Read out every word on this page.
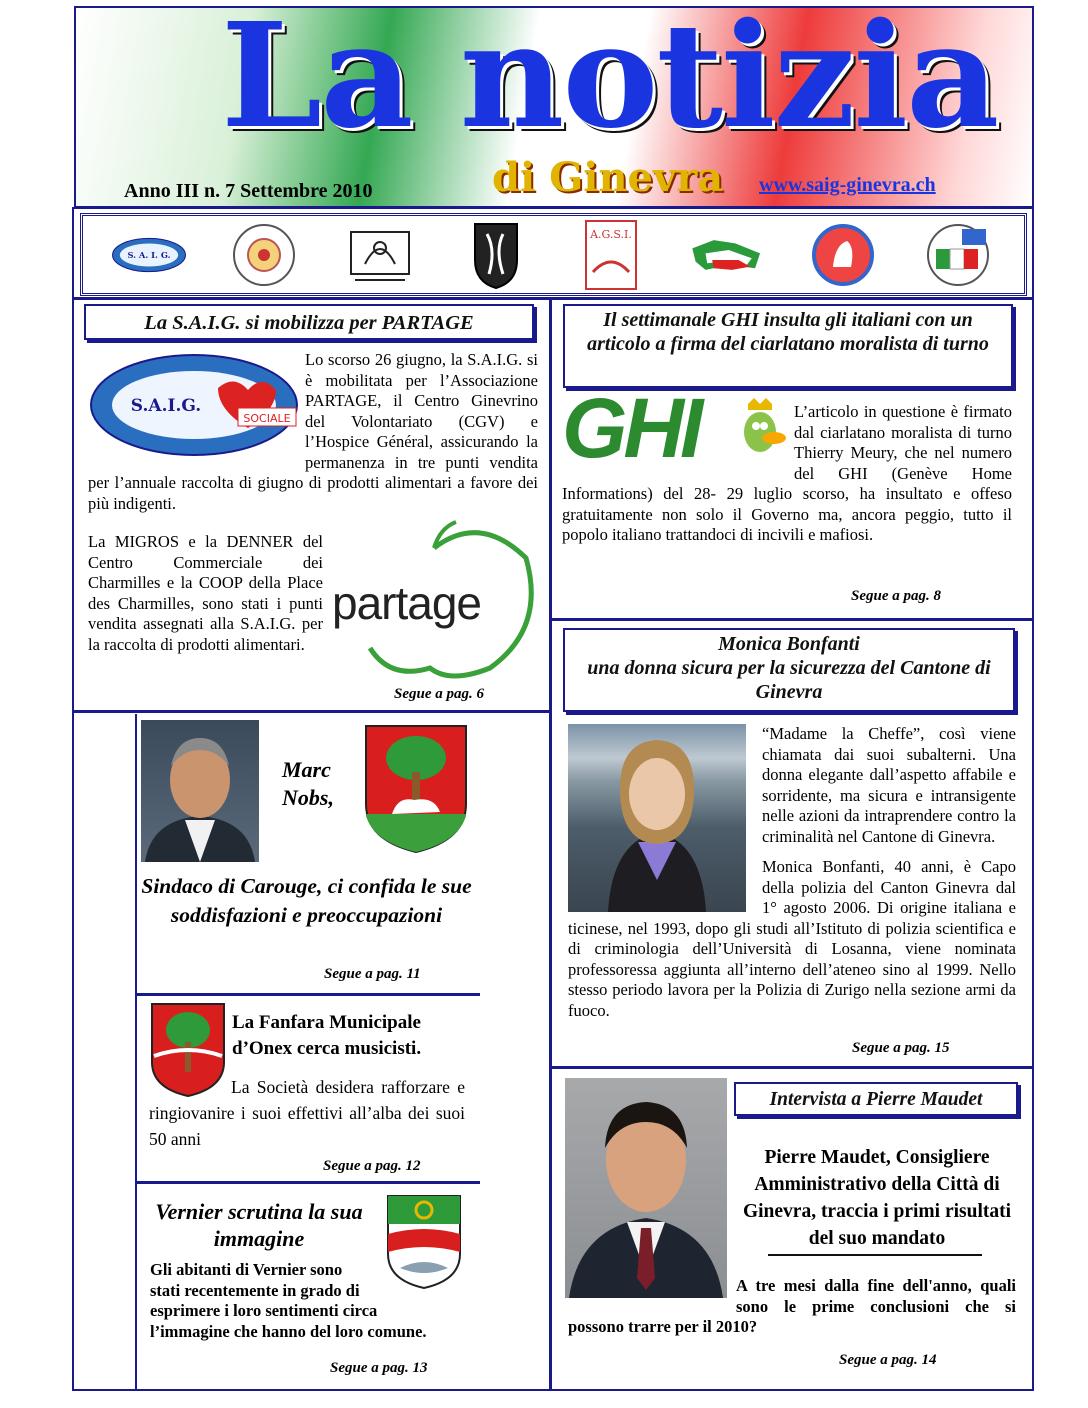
La notizia
di Ginevra
Anno III n. 7 Settembre 2010	www.saig-ginevra.ch
S. A. I. G.
A.G.S.I.
La S.A.I.G. si mobilizza per PARTAGE
S.A.I.G.
SOCIALE
Lo scorso 26 giugno, la S.A.I.G. si è mobilitata per l’Associazione PARTAGE, il Centro Ginevrino del Volontariato (CGV) e l’Hospice Général, assicurando la permanenza in tre punti vendita per l’annuale raccolta di giugno di prodotti alimentari a favore dei più indigenti.
La MIGROS e la DENNER del Centro Commerciale dei Charmilles e la COOP della Place des Charmilles, sono stati i punti vendita assegnati alla S.A.I.G. per la raccolta di prodotti alimentari.
partage
Segue a pag. 6
Il settimanale GHI insulta gli italiani con un articolo a firma del ciarlatano moralista di turno
GHI	L’articolo in questione è firmato dal ciarlatano moralista di turno Thierry Meury, che nel numero del GHI (Genève Home Informations) del 28- 29 luglio scorso, ha insultato e offeso gratuitamente non solo il Governo ma, ancora peggio, tutto il popolo italiano trattandoci di incivili e mafiosi.
Segue a pag. 8
Monica Bonfanti
una donna sicura per la sicurezza del Cantone di Ginevra
“Madame la Cheffe”, così viene chiamata dai suoi subalterni. Una donna elegante dall’aspetto affabile e sorridente, ma sicura e intransigente nelle azioni da intraprendere contro la criminalità nel Cantone di Ginevra.
Monica Bonfanti, 40 anni, è Capo della polizia del Canton Ginevra dal 1° agosto 2006. Di origine italiana e ticinese, nel 1993, dopo gli studi all’Istituto di polizia scientifica e di criminologia dell’Università di Losanna, viene nominata professoressa aggiunta all’interno dell’ateneo sino al 1999. Nello stesso periodo lavora per la Polizia di Zurigo nella sezione armi da fuoco.
Segue a pag. 15
Marc
Nobs,
Sindaco di Carouge, ci confida le sue soddisfazioni e preoccupazioni
Segue a pag. 11
La Fanfara Municipale d’Onex cerca musicisti.
La Società desidera rafforzare e ringiovanire i suoi effettivi all’alba dei suoi 50 anni
Segue a pag. 12
Vernier scrutina la sua immagine
Gli abitanti di Vernier sono stati recentemente in grado di esprimere i loro sentimenti circa l’immagine che hanno del loro comune.
Segue a pag. 13
Intervista a Pierre Maudet
Pierre Maudet, Consigliere Amministrativo della Città di Ginevra, traccia i primi risultati del suo mandato
A tre mesi dalla fine dell'anno, quali sono le prime conclusioni che si possono trarre per il 2010?
Segue a pag. 14
